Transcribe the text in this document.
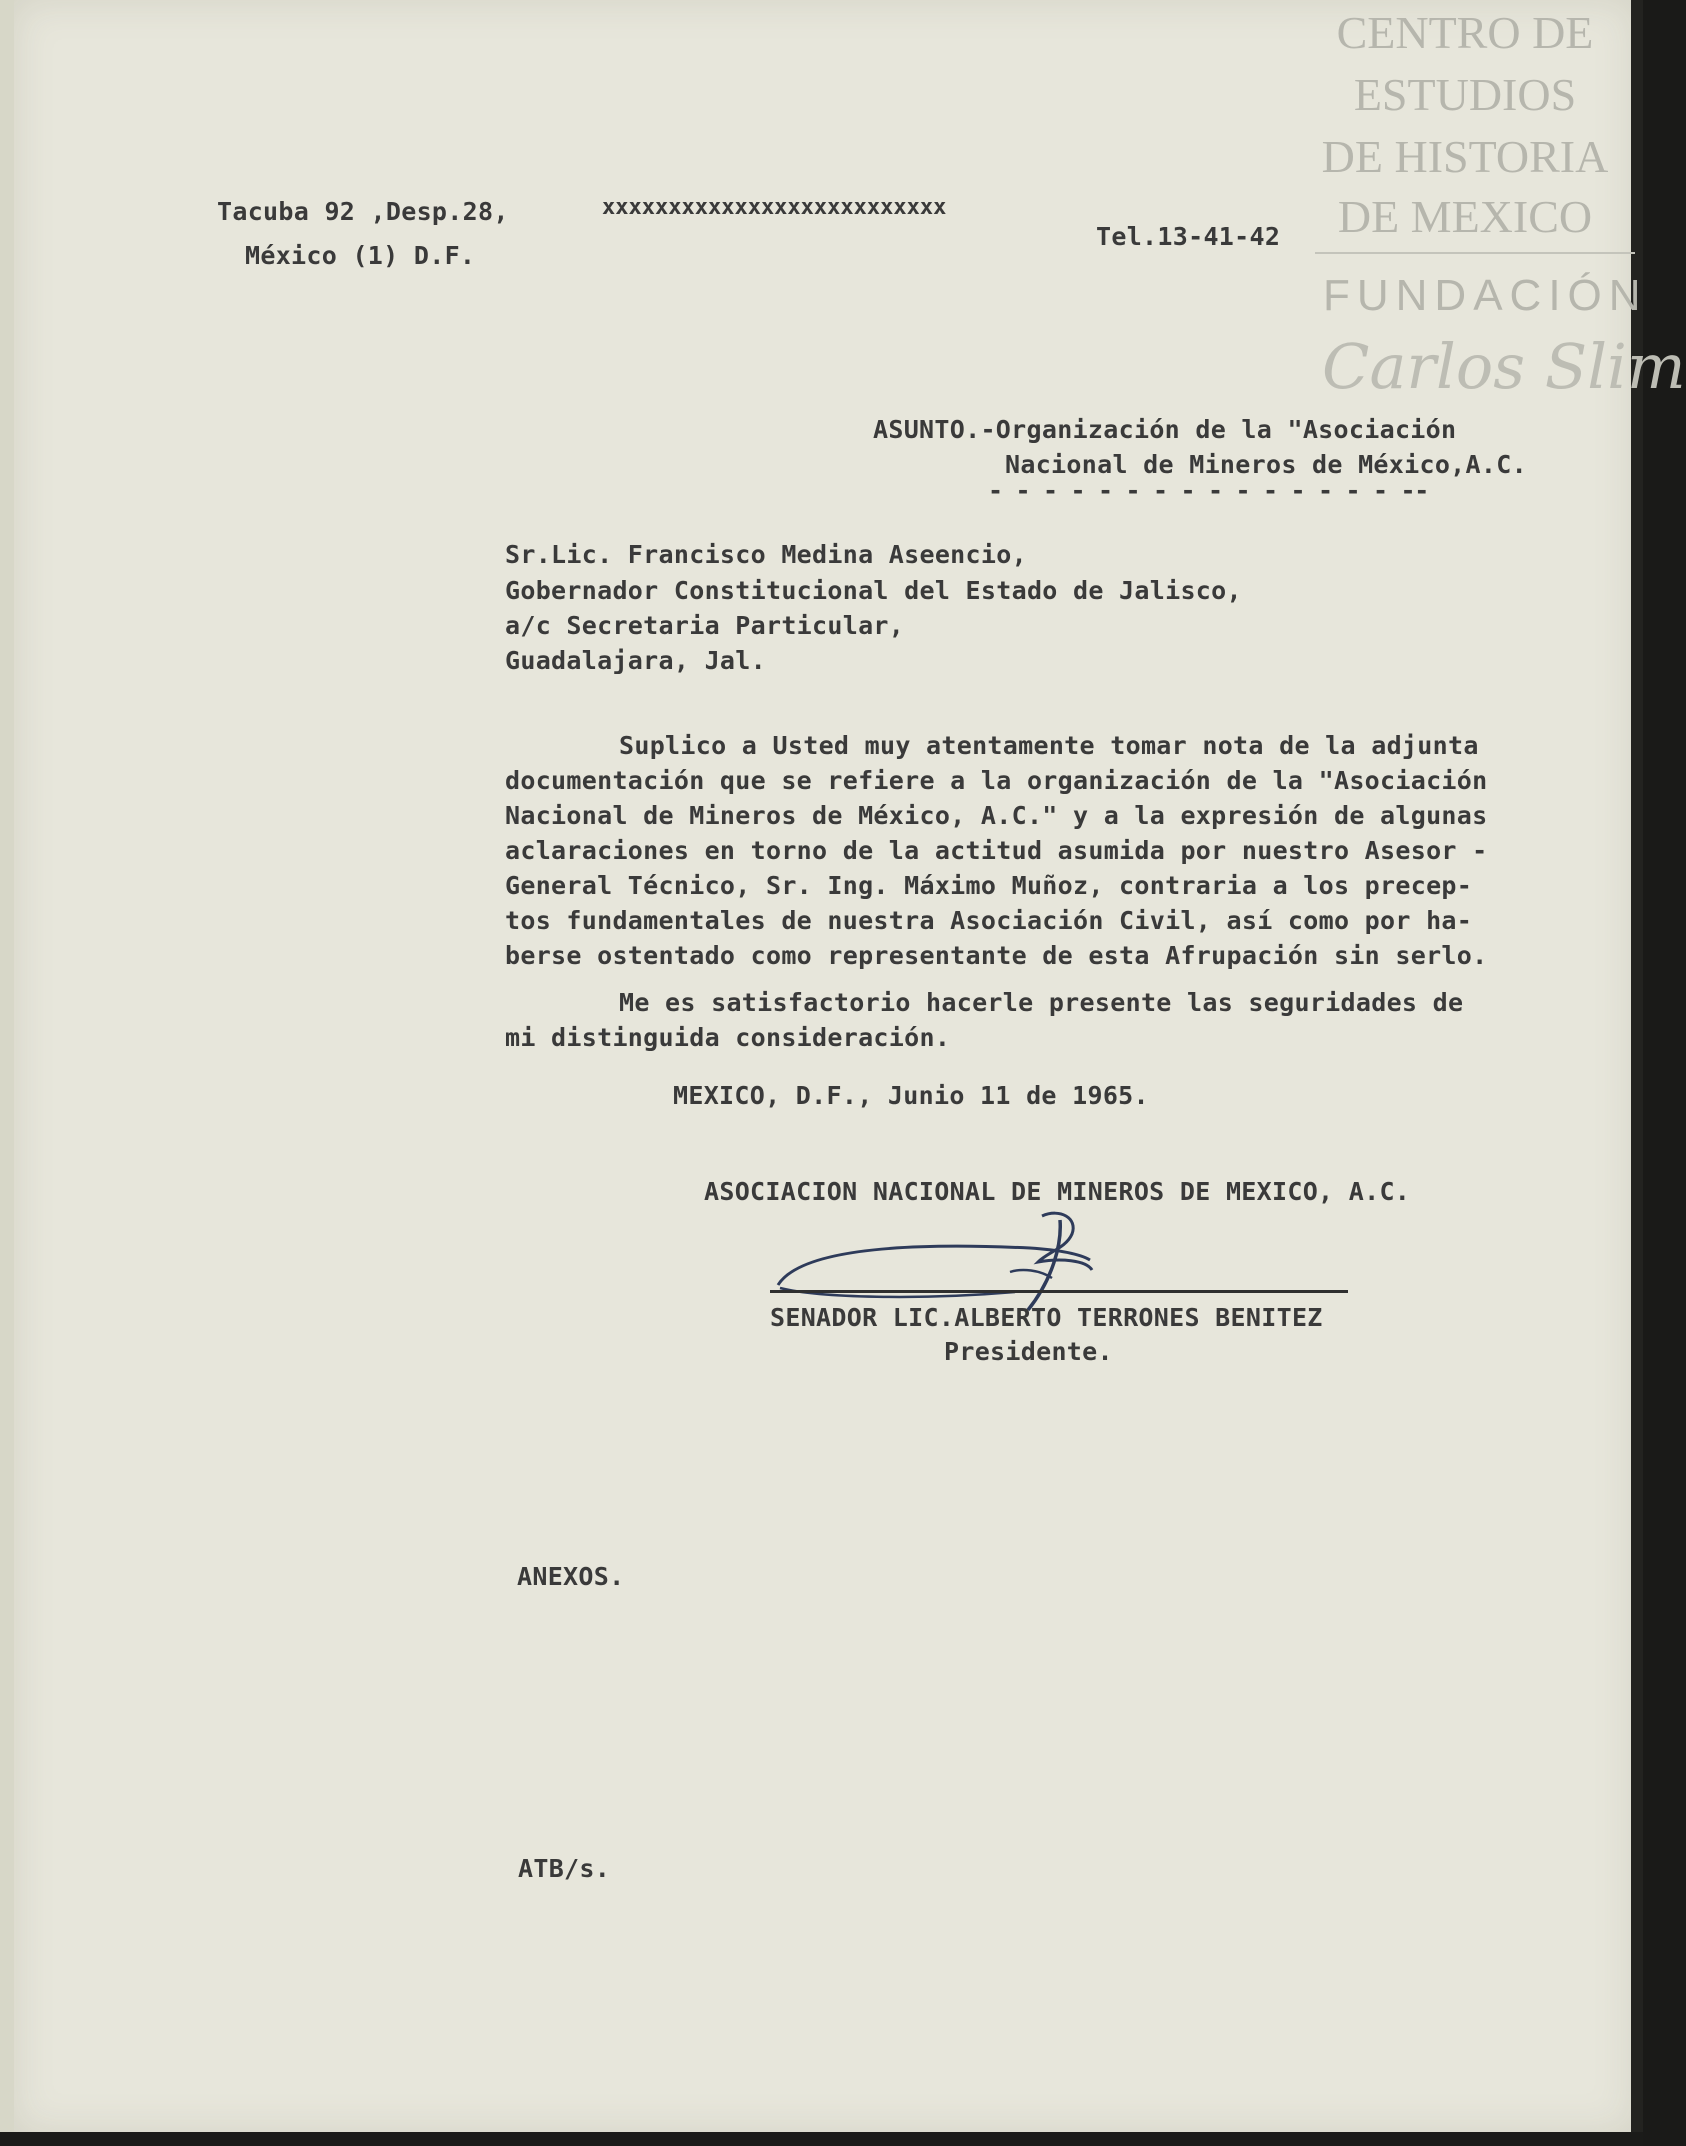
CENTRO DE
ESTUDIOS
DE HISTORIA
DE MEXICO
FUNDACIÓN
Carlos Slim
Tacuba 92 ,Desp.28,
México (1) D.F.
xxxxxxxxxxxxxxxxxxxxxxxxxx
Tel.13-41-42
ASUNTO.-Organización de la "Asociación
Nacional de Mineros de México,A.C.
- - - - - - - - - - - - - - - --
Sr.Lic. Francisco Medina Aseencio,
Gobernador Constitucional del Estado de Jalisco,
a/c Secretaria Particular,
Guadalajara, Jal.
Suplico a Usted muy atentamente tomar nota de la adjunta
documentación que se refiere a la organización de la "Asociación
Nacional de Mineros de México, A.C." y a la expresión de algunas
aclaraciones en torno de la actitud asumida por nuestro Asesor -
General Técnico, Sr. Ing. Máximo Muñoz, contraria a los precep-
tos fundamentales de nuestra Asociación Civil, así como por ha-
berse ostentado como representante de esta Afrupación sin serlo.
Me es satisfactorio hacerle presente las seguridades de
mi distinguida consideración.
MEXICO, D.F., Junio 11 de 1965.
ASOCIACION NACIONAL DE MINEROS DE MEXICO, A.C.
SENADOR LIC.ALBERTO TERRONES BENITEZ
Presidente.
ANEXOS.
ATB/s.
